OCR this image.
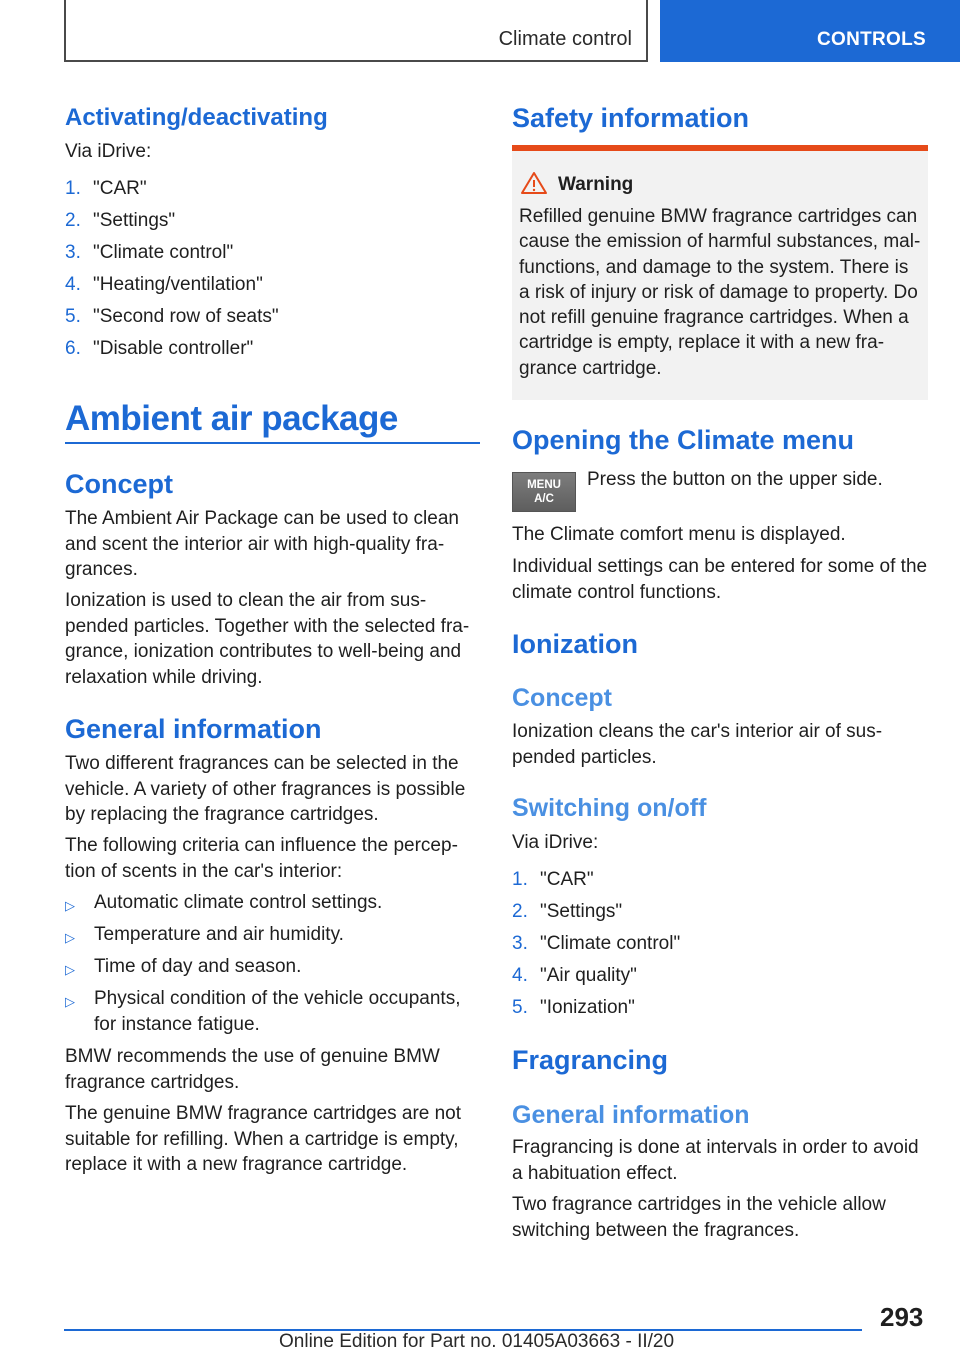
Climate control	CONTROLS
Activating/deactivating
Via iDrive:
1. "CAR"
2. "Settings"
3. "Climate control"
4. "Heating/ventilation"
5. "Second row of seats"
6. "Disable controller"
Ambient air package
Concept

The Ambient Air Package can be used to clean and scent the interior air with high-quality fragrances.

Ionization is used to clean the air from suspended particles. Together with the selected fragrance, ionization contributes to well-being and relaxation while driving.

General information

Two different fragrances can be selected in the vehicle. A variety of other fragrances is possible by replacing the fragrance cartridges.

The following criteria can influence the perception of scents in the car's interior:

▷ Automatic climate control settings.
▷ Temperature and air humidity.
▷ Time of day and season.
▷ Physical condition of the vehicle occupants, for instance fatigue.

BMW recommends the use of genuine BMW fragrance cartridges.

The genuine BMW fragrance cartridges are not suitable for refilling. When a cartridge is empty, replace it with a new fragrance cartridge.

Safety information
Warning

Refilled genuine BMW fragrance cartridges can cause the emission of harmful substances, malfunctions, and damage to the system. There is a risk of injury or risk of damage to property. Do not refill genuine fragrance cartridges. When a cartridge is empty, replace it with a new fragrance cartridge.

Opening the Climate menu
MENU
A/C
Press the button on the upper side.

The Climate comfort menu is displayed.

Individual settings can be entered for some of the climate control functions.

Ionization
Concept

Ionization cleans the car's interior air of suspended particles.

Switching on/off
Via iDrive:
1. "CAR"
2. "Settings"
3. "Climate control"
4. "Air quality"
5. "Ionization"
Fragrancing
General information

Fragrancing is done at intervals in order to avoid a habituation effect.

Two fragrance cartridges in the vehicle allow switching between the fragrances.

293
Online Edition for Part no. 01405A03663 - II/20
